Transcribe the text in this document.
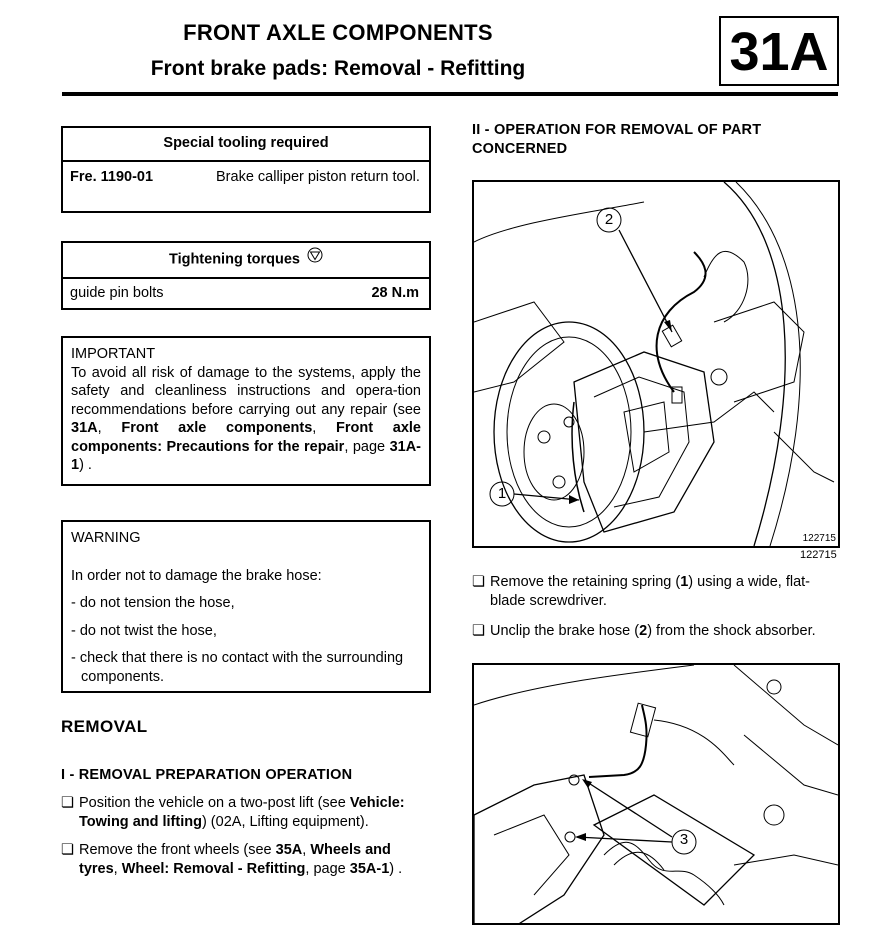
FRONT AXLE COMPONENTS
Front brake pads: Removal - Refitting	31A
Special tooling required
Fre. 1190-01	Brake calliper piston return tool.
Tightening torques
guide pin bolts	28 N.m
IMPORTANT
To avoid all risk of damage to the systems, apply the safety and cleanliness instructions and opera-tion recommendations before carrying out any repair (see 31A, Front axle components, Front axle components: Precautions for the repair, page 31A-1) .
WARNING
In order not to damage the brake hose:
- do not tension the hose,
- do not twist the hose,
- check that there is no contact with the surrounding components.
REMOVAL
I - REMOVAL PREPARATION OPERATION
❏ Position the vehicle on a two-post lift (see Vehicle: Towing and lifting) (02A, Lifting equipment).
❏ Remove the front wheels (see 35A, Wheels and tyres, Wheel: Removal - Refitting, page 35A-1) .
II - OPERATION FOR REMOVAL OF PART CONCERNED
2
1
122715
122715
❏ Remove the retaining spring (1) using a wide, flat-blade screwdriver.
❏ Unclip the brake hose (2) from the shock absorber.
3
